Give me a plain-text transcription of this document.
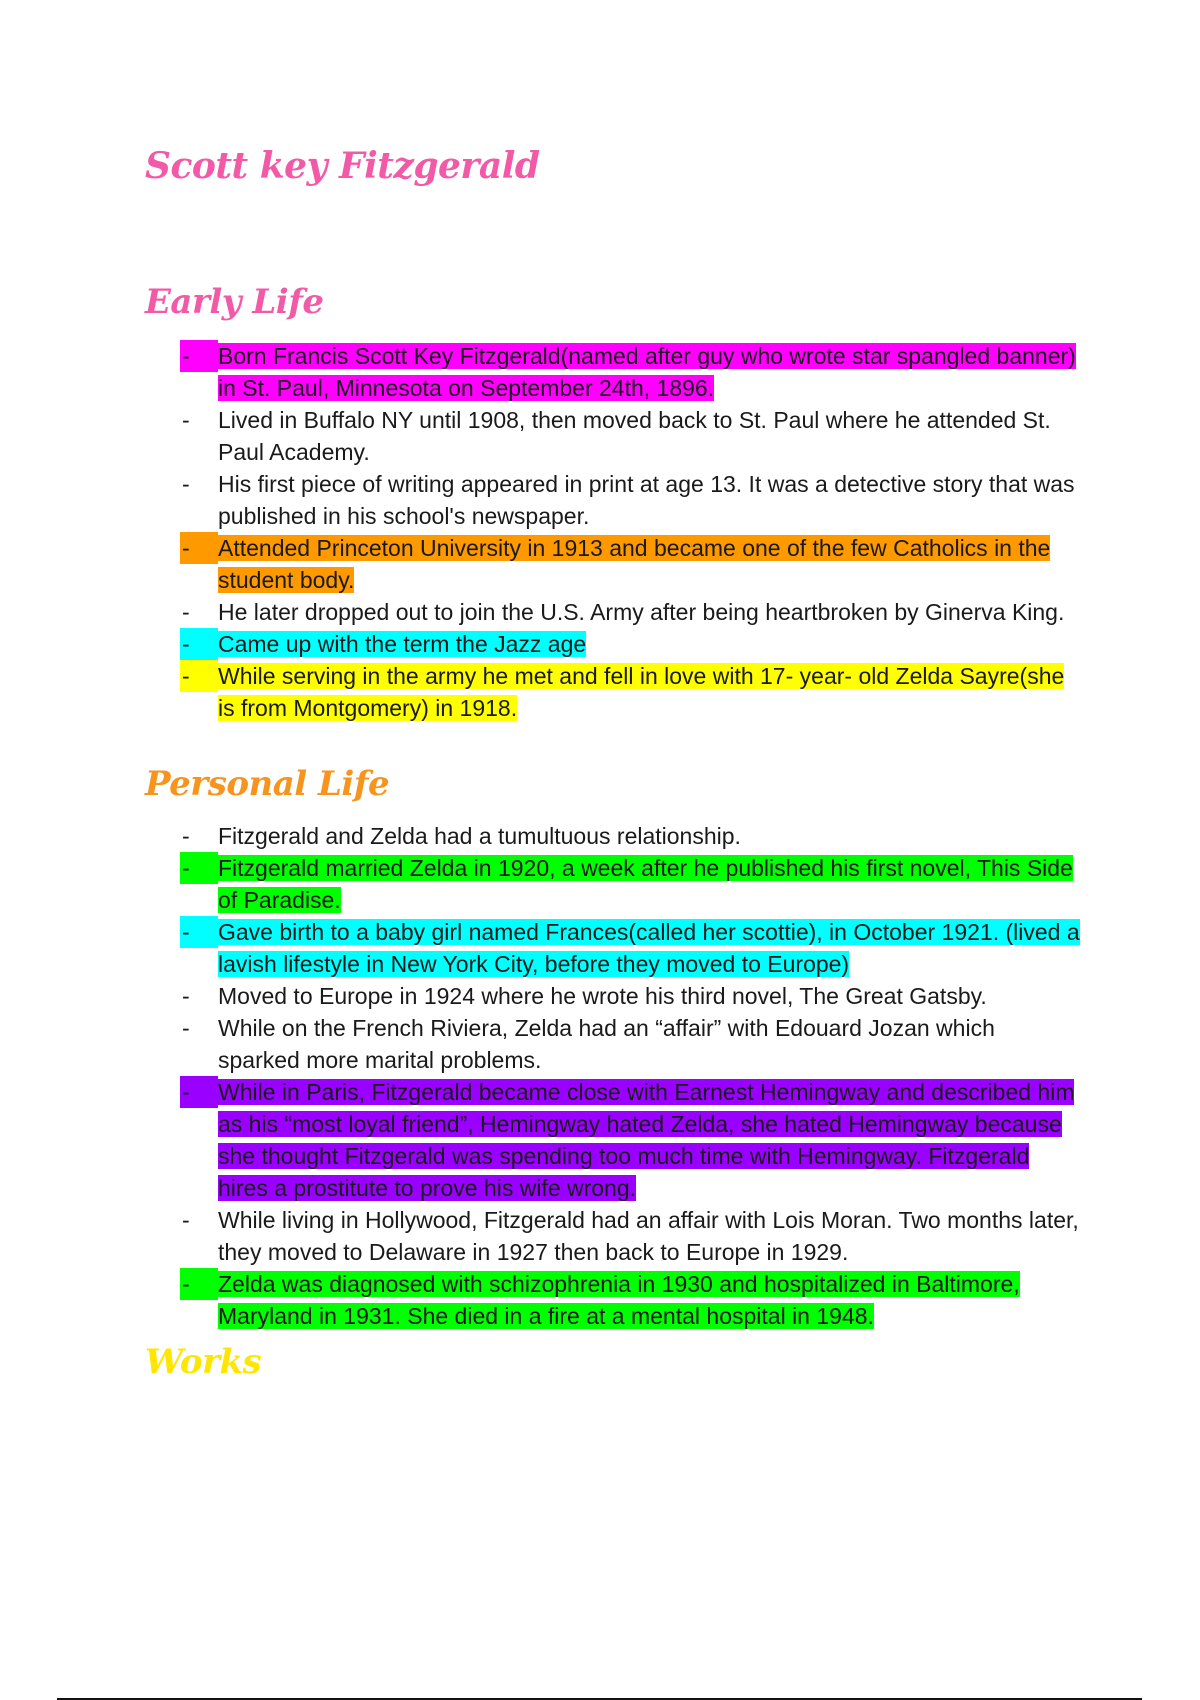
Scott key Fitzgerald
Early Life
-	Born Francis Scott Key Fitzgerald(named after guy who wrote star spangled banner) in St. Paul, Minnesota on September 24th, 1896.
-	Lived in Buffalo NY until 1908, then moved back to St. Paul where he attended St. Paul Academy.
-	His first piece of writing appeared in print at age 13. It was a detective story that was published in his school's newspaper.
-	Attended Princeton University in 1913 and became one of the few Catholics in the student body.
-	He later dropped out to join the U.S. Army after being heartbroken by Ginerva King.
-	Came up with the term the Jazz age
-	While serving in the army he met and fell in love with 17- year- old Zelda Sayre(she is from Montgomery) in 1918.
Personal Life
-	Fitzgerald and Zelda had a tumultuous relationship.
-	Fitzgerald married Zelda in 1920, a week after he published his first novel, This Side of Paradise.
-	Gave birth to a baby girl named Frances(called her scottie), in October 1921. (lived a lavish lifestyle in New York City, before they moved to Europe)
-	Moved to Europe in 1924 where he wrote his third novel, The Great Gatsby.
-	While on the French Riviera, Zelda had an “affair” with Edouard Jozan which sparked more marital problems.
-	While in Paris, Fitzgerald became close with Earnest Hemingway and described him as his “most loyal friend”, Hemingway hated Zelda, she hated Hemingway because she thought Fitzgerald was spending too much time with Hemingway. Fitzgerald hires a prostitute to prove his wife wrong.
-	While living in Hollywood, Fitzgerald had an affair with Lois Moran. Two months later, they moved to Delaware in 1927 then back to Europe in 1929.
-	Zelda was diagnosed with schizophrenia in 1930 and hospitalized in Baltimore, Maryland in 1931. She died in a fire at a mental hospital in 1948.
Works
